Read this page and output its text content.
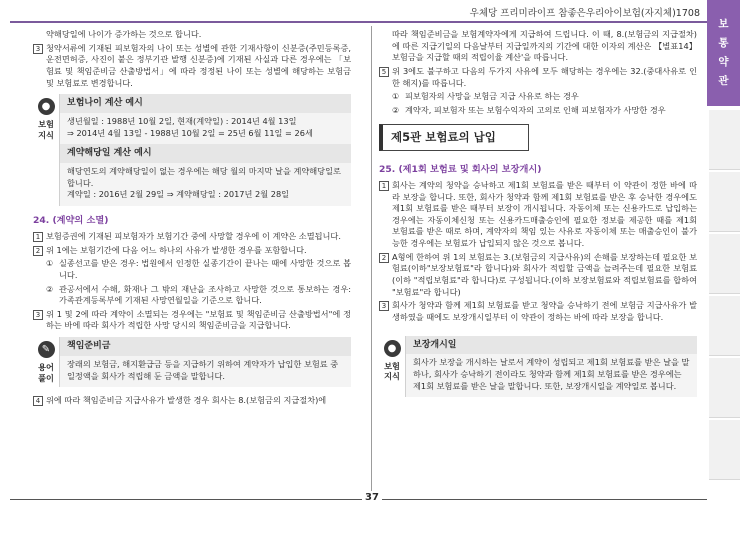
우체당 프리미라이프 참좋은우리아이보험(자지체)1708
보
통
약
관
약해당일에 나이가 증가하는 것으로 합니다.
3 청약서류에 기재된 피보험자의 나이 또는 성별에 관한 기재사항이 신분증(주민등록증, 운전면허증, 사진이 붙은 정부기관 발행 신분증)에 기재된 사실과 다른 경우에는 「보험료 및 책임준비금 산출방법서」에 따라 정정된 나이 또는 성별에 해당하는 보험금 및 보험료로 변경합니다.
●
보험
지식
보험나이 계산 예시
생년월일 : 1988년 10월 2일, 현재(계약일) : 2014년 4월 13일
⇒ 2014년 4월 13일 - 1988년 10월 2일 = 25년 6월 11일 = 26세
계약해당일 계산 예시
해당연도의 계약해당일이 없는 경우에는 해당 월의 마지막 날을 계약해당일로 합니다.
계약일 : 2016년 2월 29일 ⇒ 계약해당일 : 2017년 2월 28일
24. (계약의 소멸)
1 보험증권에 기재된 피보험자가 보험기간 중에 사망할 경우에 이 계약은 소멸됩니다.
2 위 1에는 보험기간에 다음 어느 하나의 사유가 발생한 경우를 포함합니다.
① 실종선고를 받은 경우: 법원에서 인정한 실종기간이 끝나는 때에 사망한 것으로 봅니다.
② 관공서에서 수해, 화재나 그 밖의 재난을 조사하고 사망한 것으로 통보하는 경우: 가족관계등록부에 기재된 사망연월일을 기준으로 합니다.
3 위 1 및 2에 따라 계약이 소멸되는 경우에는 "보험료 및 책임준비금 산출방법서"에 정하는 바에 따라 회사가 적립한 사망 당시의 책임준비금을 지급합니다.
✎
용어
풀이
책임준비금
장래의 보험금, 해지환급금 등을 지급하기 위하여 계약자가 납입한 보험료 중 일정액을 회사가 적립해 둔 금액을 말합니다.
4 위에 따라 책임준비금 지급사유가 발생한 경우 회사는 8.(보험금의 지급절차)에
따라 책임준비금을 보험계약자에게 지급하여 드립니다. 이 때, 8.(보험금의 지급절차)에 따른 지급기일의 다음날부터 지급일까지의 기간에 대한 이자의 계산은 【별표14】 보험금을 지급할 때의 적립이율 계산'을 따릅니다.
5 위 3에도 불구하고 다음의 두가지 사유에 모두 해당하는 경우에는 32.(중대사유로 인한 해지)를 따릅니다.
① 피보험자의 사망을 보험금 지급 사유로 하는 경우
② 계약자, 피보험자 또는 보험수익자의 고의로 인해 피보험자가 사망한 경우
제5관 보험료의 납입
25. (제1회 보험료 및 회사의 보장개시)
1 회사는 계약의 청약을 승낙하고 제1회 보험료를 받은 때부터 이 약관이 정한 바에 따라 보장을 합니다. 또한, 회사가 청약과 함께 제1회 보험료를 받은 후 승낙한 경우에도 제1회 보험료를 받은 때부터 보장이 개시됩니다. 자동이체 또는 신용카드로 납입하는 경우에는 자동이체신청 또는 신용카드매출승인에 필요한 정보를 제공한 때를 제1회 보험료를 받은 때로 하며, 계약자의 책임 있는 사유로 자동이체 또는 매출승인이 불가능한 경우에는 보험료가 납입되지 않은 것으로 봅니다.
2 A형에 한하여 위 1의 보험료는 3.(보험금의 지급사유)의 손해를 보장하는데 필요한 보험료(이하"보장보험료"라 합니다)와 회사가 적립할 금액을 늘려주는데 필요한 보험료(이하 "적립보험료"라 합니다)로 구성됩니다.(이하 보장보험료와 적립보험료를 합하여 "보험료"라 합니다)
3 회사가 청약과 함께 제1회 보험료를 받고 청약을 승낙하기 전에 보험금 지급사유가 발생하였을 때에도 보장개시일부터 이 약관이 정하는 바에 따라 보장을 합니다.
●
보험
지식
보장개시일
회사가 보장을 개시하는 날로서 계약이 성립되고 제1회 보험료를 받은 날을 말하나, 회사가 승낙하기 전이라도 청약과 함께 제1회 보험료를 받은 경우에는 제1회 보험료를 받은 날을 말합니다. 또한, 보장개시일을 계약일로 봅니다.
37
